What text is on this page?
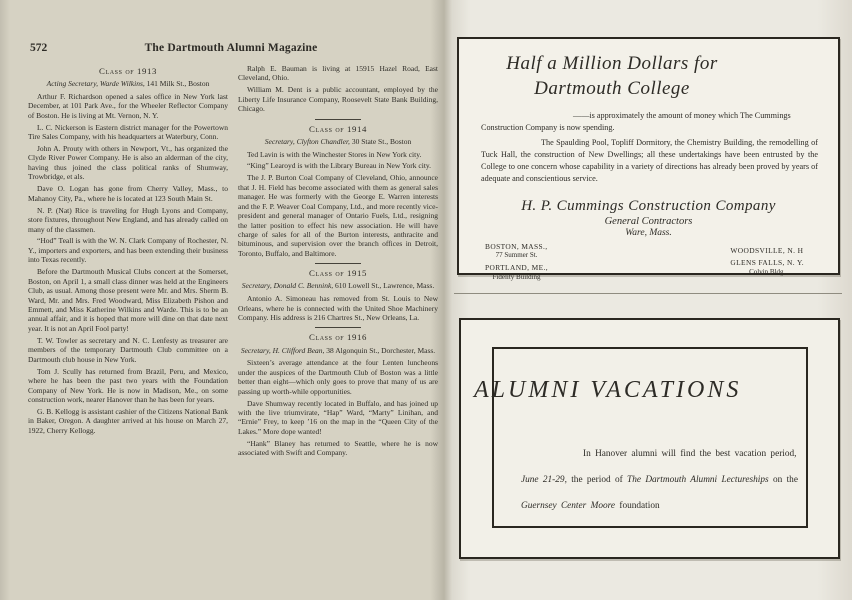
572	The Dartmouth Alumni Magazine
Class of 1913
Acting Secretary, Warde Wilkins, 141 Milk St., Boston

Arthur F. Richardson opened a sales office in New York last December, at 101 Park Ave., for the Wheeler Reflector Company of Boston. He is living at Mt. Vernon, N. Y.

L. C. Nickerson is Eastern district manager for the Powertown Tire Sales Company, with his headquarters at Waterbury, Conn.

John A. Prouty with others in Newport, Vt., has organized the Clyde River Power Company. He is also an alderman of the city, having thus joined the class political ranks of Shumway, Trowbridge, et als.

Dave O. Logan has gone from Cherry Valley, Mass., to Mahanoy City, Pa., where he is located at 123 South Main St.

N. P. (Nat) Rice is traveling for Hugh Lyons and Company, store fixtures, throughout New England, and has already called on many of the classmen.

“Hod” Teall is with the W. N. Clark Company of Rochester, N. Y., importers and exporters, and has been extending their business into Texas recently.

Before the Dartmouth Musical Clubs concert at the Somerset, Boston, on April 1, a small class dinner was held at the Engineers Club, as usual. Among those present were Mr. and Mrs. Sherm B. Ward, Mr. and Mrs. Fred Woodward, Miss Elizabeth Pishon and Emmett, and Miss Katherine Wilkins and Warde. This is to be an annual affair, and it is hoped that more will dine on that date next year. It is not an April Fool party!

T. W. Towler as secretary and N. C. Lenfesty as treasurer are members of the temporary Dartmouth Club committee on a Dartmouth club house in New York.

Tom J. Scully has returned from Brazil, Peru, and Mexico, where he has been the past two years with the Foundation Company of New York. He is now in Madison, Me., on some construction work, nearer Hanover than he has been for years.

G. B. Kellogg is assistant cashier of the Citizens National Bank in Baker, Oregon. A daughter arrived at his house on March 27, 1922, Cherry Kellogg.

Ralph E. Bauman is living at 15915 Hazel Road, East Cleveland, Ohio.

William M. Dent is a public accountant, employed by the Liberty Life Insurance Company, Roosevelt State Bank Building, Chicago.

Class of 1914
Secretary, Clyfton Chandler, 30 State St., Boston

Ted Lavin is with the Winchester Stores in New York city.

“King” Learoyd is with the Library Bureau in New York city.

The J. P. Burton Coal Company of Cleveland, Ohio, announce that J. H. Field has become associated with them as general sales manager. He was formerly with the George E. Warren interests and the F. P. Weaver Coal Company, Ltd., and more recently vice-president and general manager of Ontario Fuels, Ltd., resigning the latter position to effect his new association. He will have charge of sales for all of the Burton interests, anthracite and bituminous, and supervision over the branch offices in Detroit, Toronto, Buffalo, and Baltimore.

Class of 1915
Secretary, Donald C. Bennink, 610 Lowell St., Lawrence, Mass.

Antonio A. Simoneau has removed from St. Louis to New Orleans, where he is connected with the United Shoe Machinery Company. His address is 216 Chartres St., New Orleans, La.

Class of 1916
Secretary, H. Clifford Bean, 38 Algonquin St., Dorchester, Mass.

Sixteen’s average attendance at the four Lenten luncheons under the auspices of the Dartmouth Club of Boston was a little better than eight—which only goes to prove that many of us are passing up worth-while opportunities.

Dave Shumway recently located in Buffalo, and has joined up with the live triumvirate, “Hap” Ward, “Marty” Linihan, and “Ernie” Frey, to keep ’16 on the map in the “Queen City of the Lakes.” More dope wanted!

“Hank” Blaney has returned to Seattle, where he is now associated with Swift and Company.

Half a Million Dollars for
Dartmouth College

——is approximately the amount of money which The Cummings Construction Company is now spending.

The Spaulding Pool, Topliff Dormitory, the Chemistry Building, the remodelling of Tuck Hall, the construction of New Dwellings; all these undertakings have been entrusted by the College to one concern whose capability in a variety of directions has already been proved by years of adequate and conscientious service.

H. P. Cummings Construction Company
General Contractors
Ware, Mass.
BOSTON, MASS.,
77 Summer St.
PORTLAND, ME.,
Fidelity Building
WOODSVILLE, N. H
GLENS FALLS, N. Y.
Colvin Bldg.
ALUMNI VACATIONS

In Hanover alumni will find the best vacation period, June 21-29, the period of The Dartmouth Alumni Lectureships on the Guernsey Center Moore foundation
